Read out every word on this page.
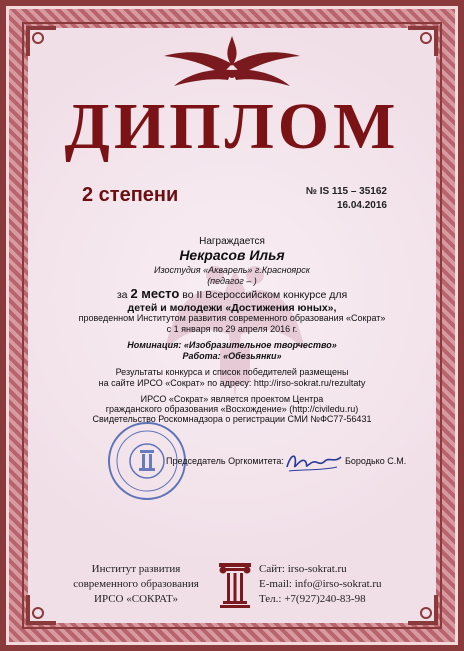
ДИПЛОМ
2 степени	№ IS 115 – 35162
16.04.2016
Награждается
Некрасов Илья
Изостудия «Акварель» г.Красноярск
(педагог – )
за 2 место во II Всероссийском конкурсе для
детей и молодежи «Достижения юных»,
проведенном Институтом развития современного образования «Сократ»
с 1 января по 29 апреля 2016 г.
Номинация: «Изобразительное творчество»
Работа: «Обезьянки»
Результаты конкурса и список победителей размещены
на сайте ИРСО «Сократ» по адресу: http://irso-sokrat.ru/rezultaty
ИРСО «Сократ» является проектом Центра
гражданского образования «Восхождение» (http://civiledu.ru)
Свидетельство Роскомнадзора о регистрации СМИ №ФС77-56431
Председатель Оргкомитета:	Бородько С.М.
Институт развития
современного образования
ИРСО «СОКРАТ»
Сайт: irso-sokrat.ru
E-mail: info@irso-sokrat.ru
Тел.: +7(927)240-83-98
